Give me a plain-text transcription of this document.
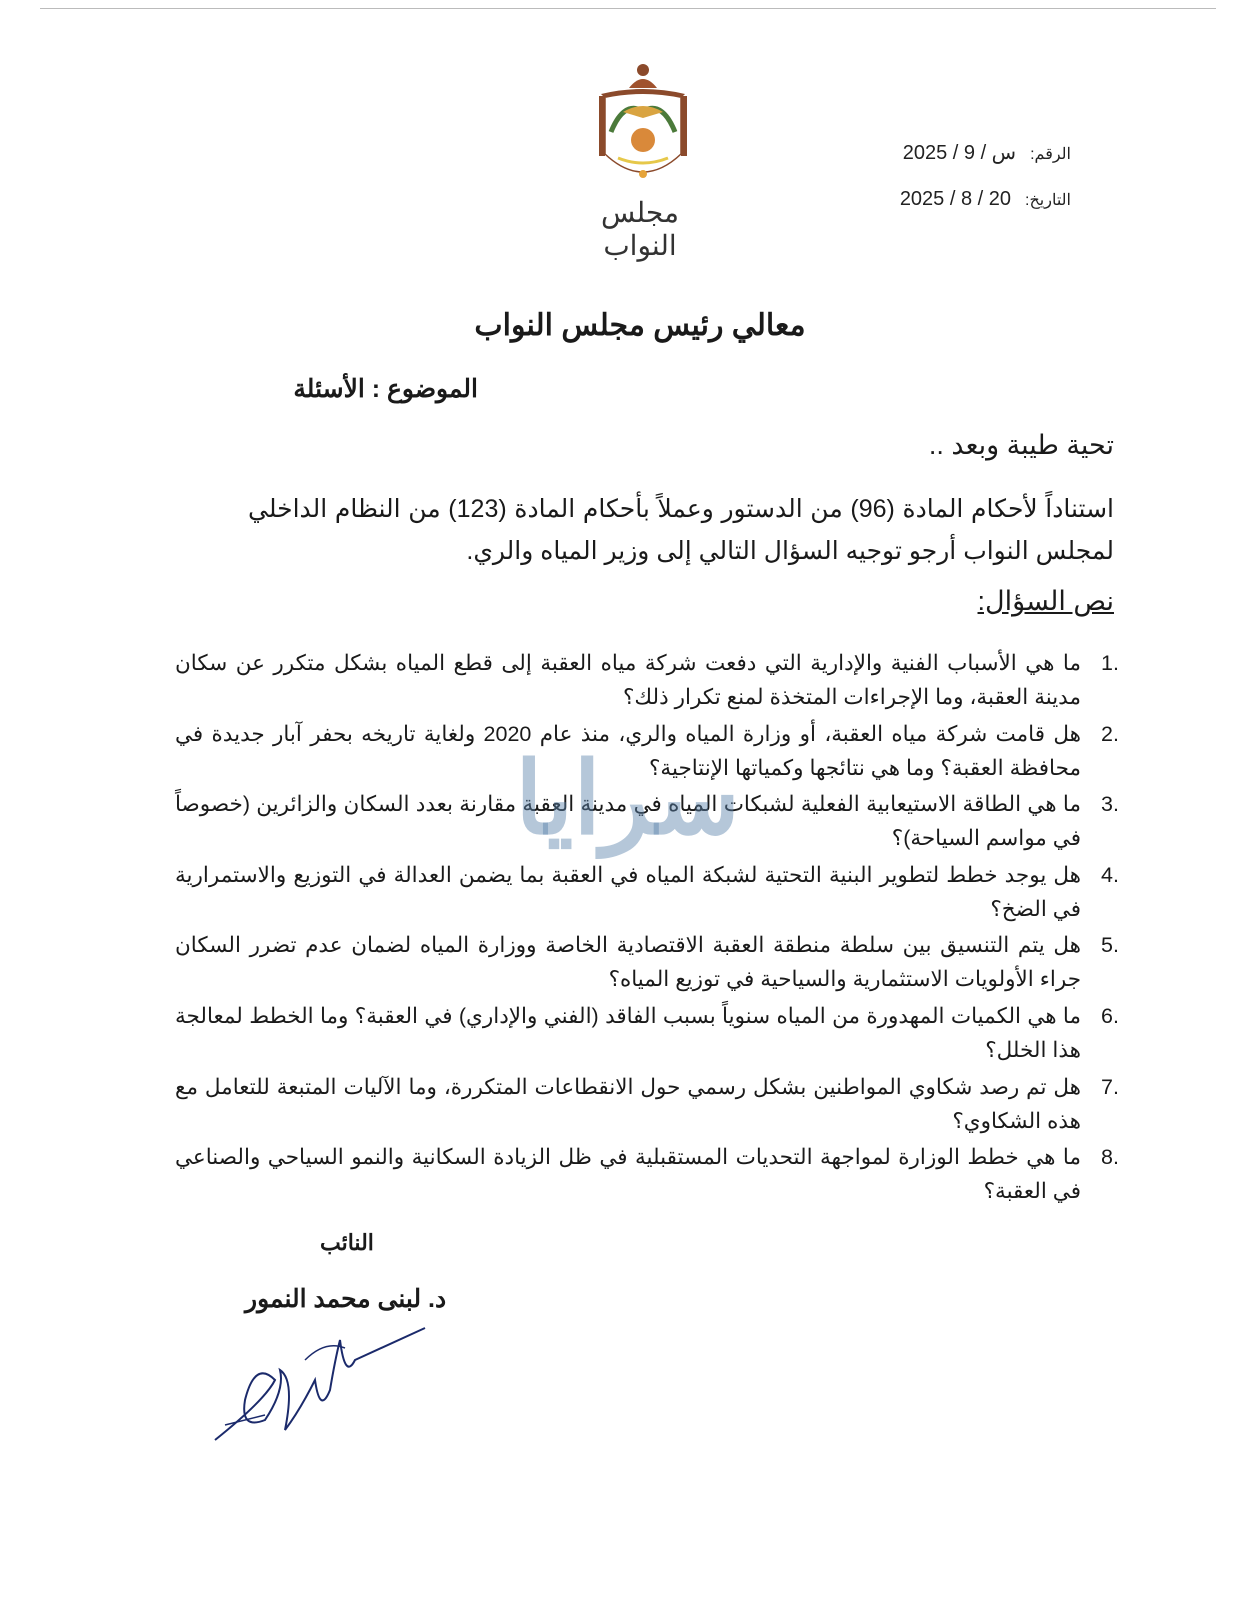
مجلس النواب
الرقم:2025 / س / 9
التاريخ:2025 / 8 / 20
معالي رئيس مجلس النواب
الموضوع : الأسئلة
تحية طيبة وبعد ..
استناداً لأحكام المادة (96) من الدستور وعملاً بأحكام المادة (123) من النظام الداخلي لمجلس النواب أرجو توجيه السؤال التالي إلى وزير المياه والري.
نص السؤال:
.1
ما هي الأسباب الفنية والإدارية التي دفعت شركة مياه العقبة إلى قطع المياه بشكل متكرر عن سكان مدينة العقبة، وما الإجراءات المتخذة لمنع تكرار ذلك؟
.2
هل قامت شركة مياه العقبة، أو وزارة المياه والري، منذ عام 2020 ولغاية تاريخه بحفر آبار جديدة في محافظة العقبة؟ وما هي نتائجها وكمياتها الإنتاجية؟
.3
ما هي الطاقة الاستيعابية الفعلية لشبكات المياه في مدينة العقبة مقارنة بعدد السكان والزائرين (خصوصاً في مواسم السياحة)؟
.4
هل يوجد خطط لتطوير البنية التحتية لشبكة المياه في العقبة بما يضمن العدالة في التوزيع والاستمرارية في الضخ؟
.5
هل يتم التنسيق بين سلطة منطقة العقبة الاقتصادية الخاصة ووزارة المياه لضمان عدم تضرر السكان جراء الأولويات الاستثمارية والسياحية في توزيع المياه؟
.6
ما هي الكميات المهدورة من المياه سنوياً بسبب الفاقد (الفني والإداري) في العقبة؟ وما الخطط لمعالجة هذا الخلل؟
.7
هل تم رصد شكاوي المواطنين بشكل رسمي حول الانقطاعات المتكررة، وما الآليات المتبعة للتعامل مع هذه الشكاوي؟
.8
ما هي خطط الوزارة لمواجهة التحديات المستقبلية في ظل الزيادة السكانية والنمو السياحي والصناعي في العقبة؟
سرايا
النائب
د. لبنى محمد النمور
